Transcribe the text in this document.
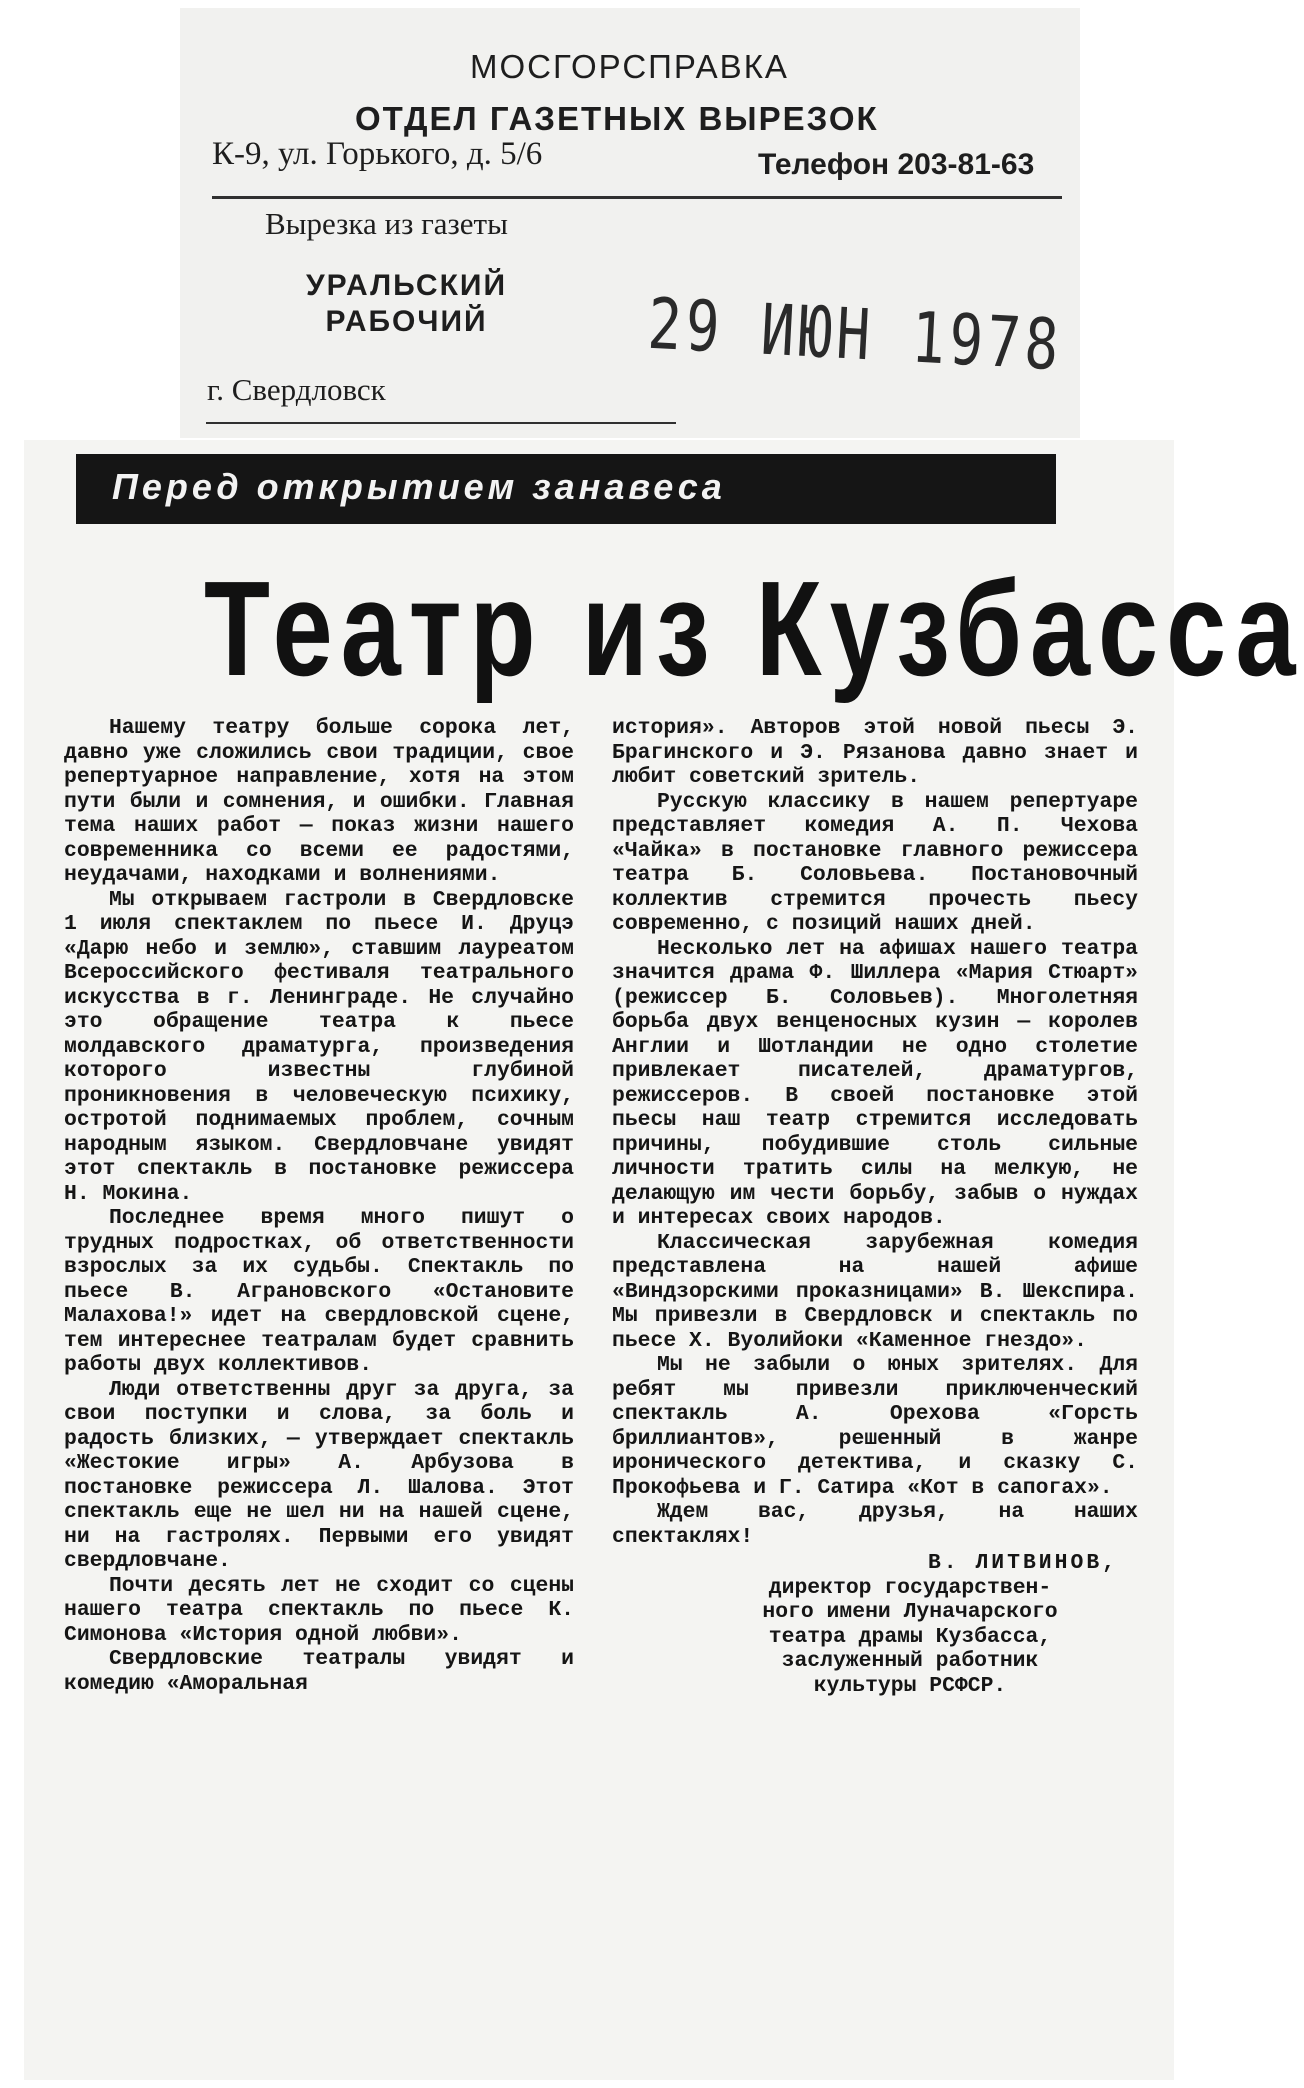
МОСГОРСПРАВКА
ОТДЕЛ ГАЗЕТНЫХ ВЫРЕЗОК
К-9, ул. Горького, д. 5/6	Телефон 203-81-63
Вырезка из газеты
УРАЛЬСКИЙ
РАБОЧИЙ	29 ИЮН 1978
г. Свердловск
Перед открытием занавеса
Театр из Кузбасса

Нашему театру больше сорока лет, давно уже сложились свои традиции, свое репертуарное направление, хотя на этом пути были и сомнения, и ошибки. Главная тема наших работ — показ жизни нашего современника со всеми ее радостями, неудачами, находками и волнениями.

Мы открываем гастроли в Свердловске 1 июля спектаклем по пьесе И. Друцэ «Дарю небо и землю», ставшим лауреатом Всероссийского фестиваля театрального искусства в г. Ленинграде. Не случайно это обращение театра к пьесе молдавского драматурга, произведения которого известны глубиной проникновения в человеческую психику, остротой поднимаемых проблем, сочным народным языком. Свердловчане увидят этот спектакль в постановке режиссера Н. Мокина.

Последнее время много пишут о трудных подростках, об ответственности взрослых за их судьбы. Спектакль по пьесе В. Аграновского «Остановите Малахова!» идет на свердловской сцене, тем интереснее театралам будет сравнить работы двух коллективов.

Люди ответственны друг за друга, за свои поступки и слова, за боль и радость близких, — утверждает спектакль «Жестокие игры» А. Арбузова в постановке режиссера Л. Шалова. Этот спектакль еще не шел ни на нашей сцене, ни на гастролях. Первыми его увидят свердловчане.

Почти десять лет не сходит со сцены нашего театра спектакль по пьесе К. Симонова «История одной любви».

Свердловские театралы увидят и комедию «Аморальная

история». Авторов этой новой пьесы Э. Брагинского и Э. Рязанова давно знает и любит советский зритель.

Русскую классику в нашем репертуаре представляет комедия А. П. Чехова «Чайка» в постановке главного режиссера театра Б. Соловьева. Постановочный коллектив стремится прочесть пьесу современно, с позиций наших дней.

Несколько лет на афишах нашего театра значится драма Ф. Шиллера «Мария Стюарт» (режиссер Б. Соловьев). Многолетняя борьба двух венценосных кузин — королев Англии и Шотландии не одно столетие привлекает писателей, драматургов, режиссеров. В своей постановке этой пьесы наш театр стремится исследовать причины, побудившие столь сильные личности тратить силы на мелкую, не делающую им чести борьбу, забыв о нуждах и интересах своих народов.

Классическая зарубежная комедия представлена на нашей афише «Виндзорскими проказницами» В. Шекспира. Мы привезли в Свердловск и спектакль по пьесе Х. Вуолийоки «Каменное гнездо».

Мы не забыли о юных зрителях. Для ребят мы привезли приключенческий спектакль А. Орехова «Горсть бриллиантов», решенный в жанре иронического детектива, и сказку С. Прокофьева и Г. Сатира «Кот в сапогах».

Ждем вас, друзья, на наших спектаклях!

В. ЛИТВИНОВ,
директор государствен-
ного имени Луначарского
театра драмы Кузбасса,
заслуженный работник
культуры РСФСР.
